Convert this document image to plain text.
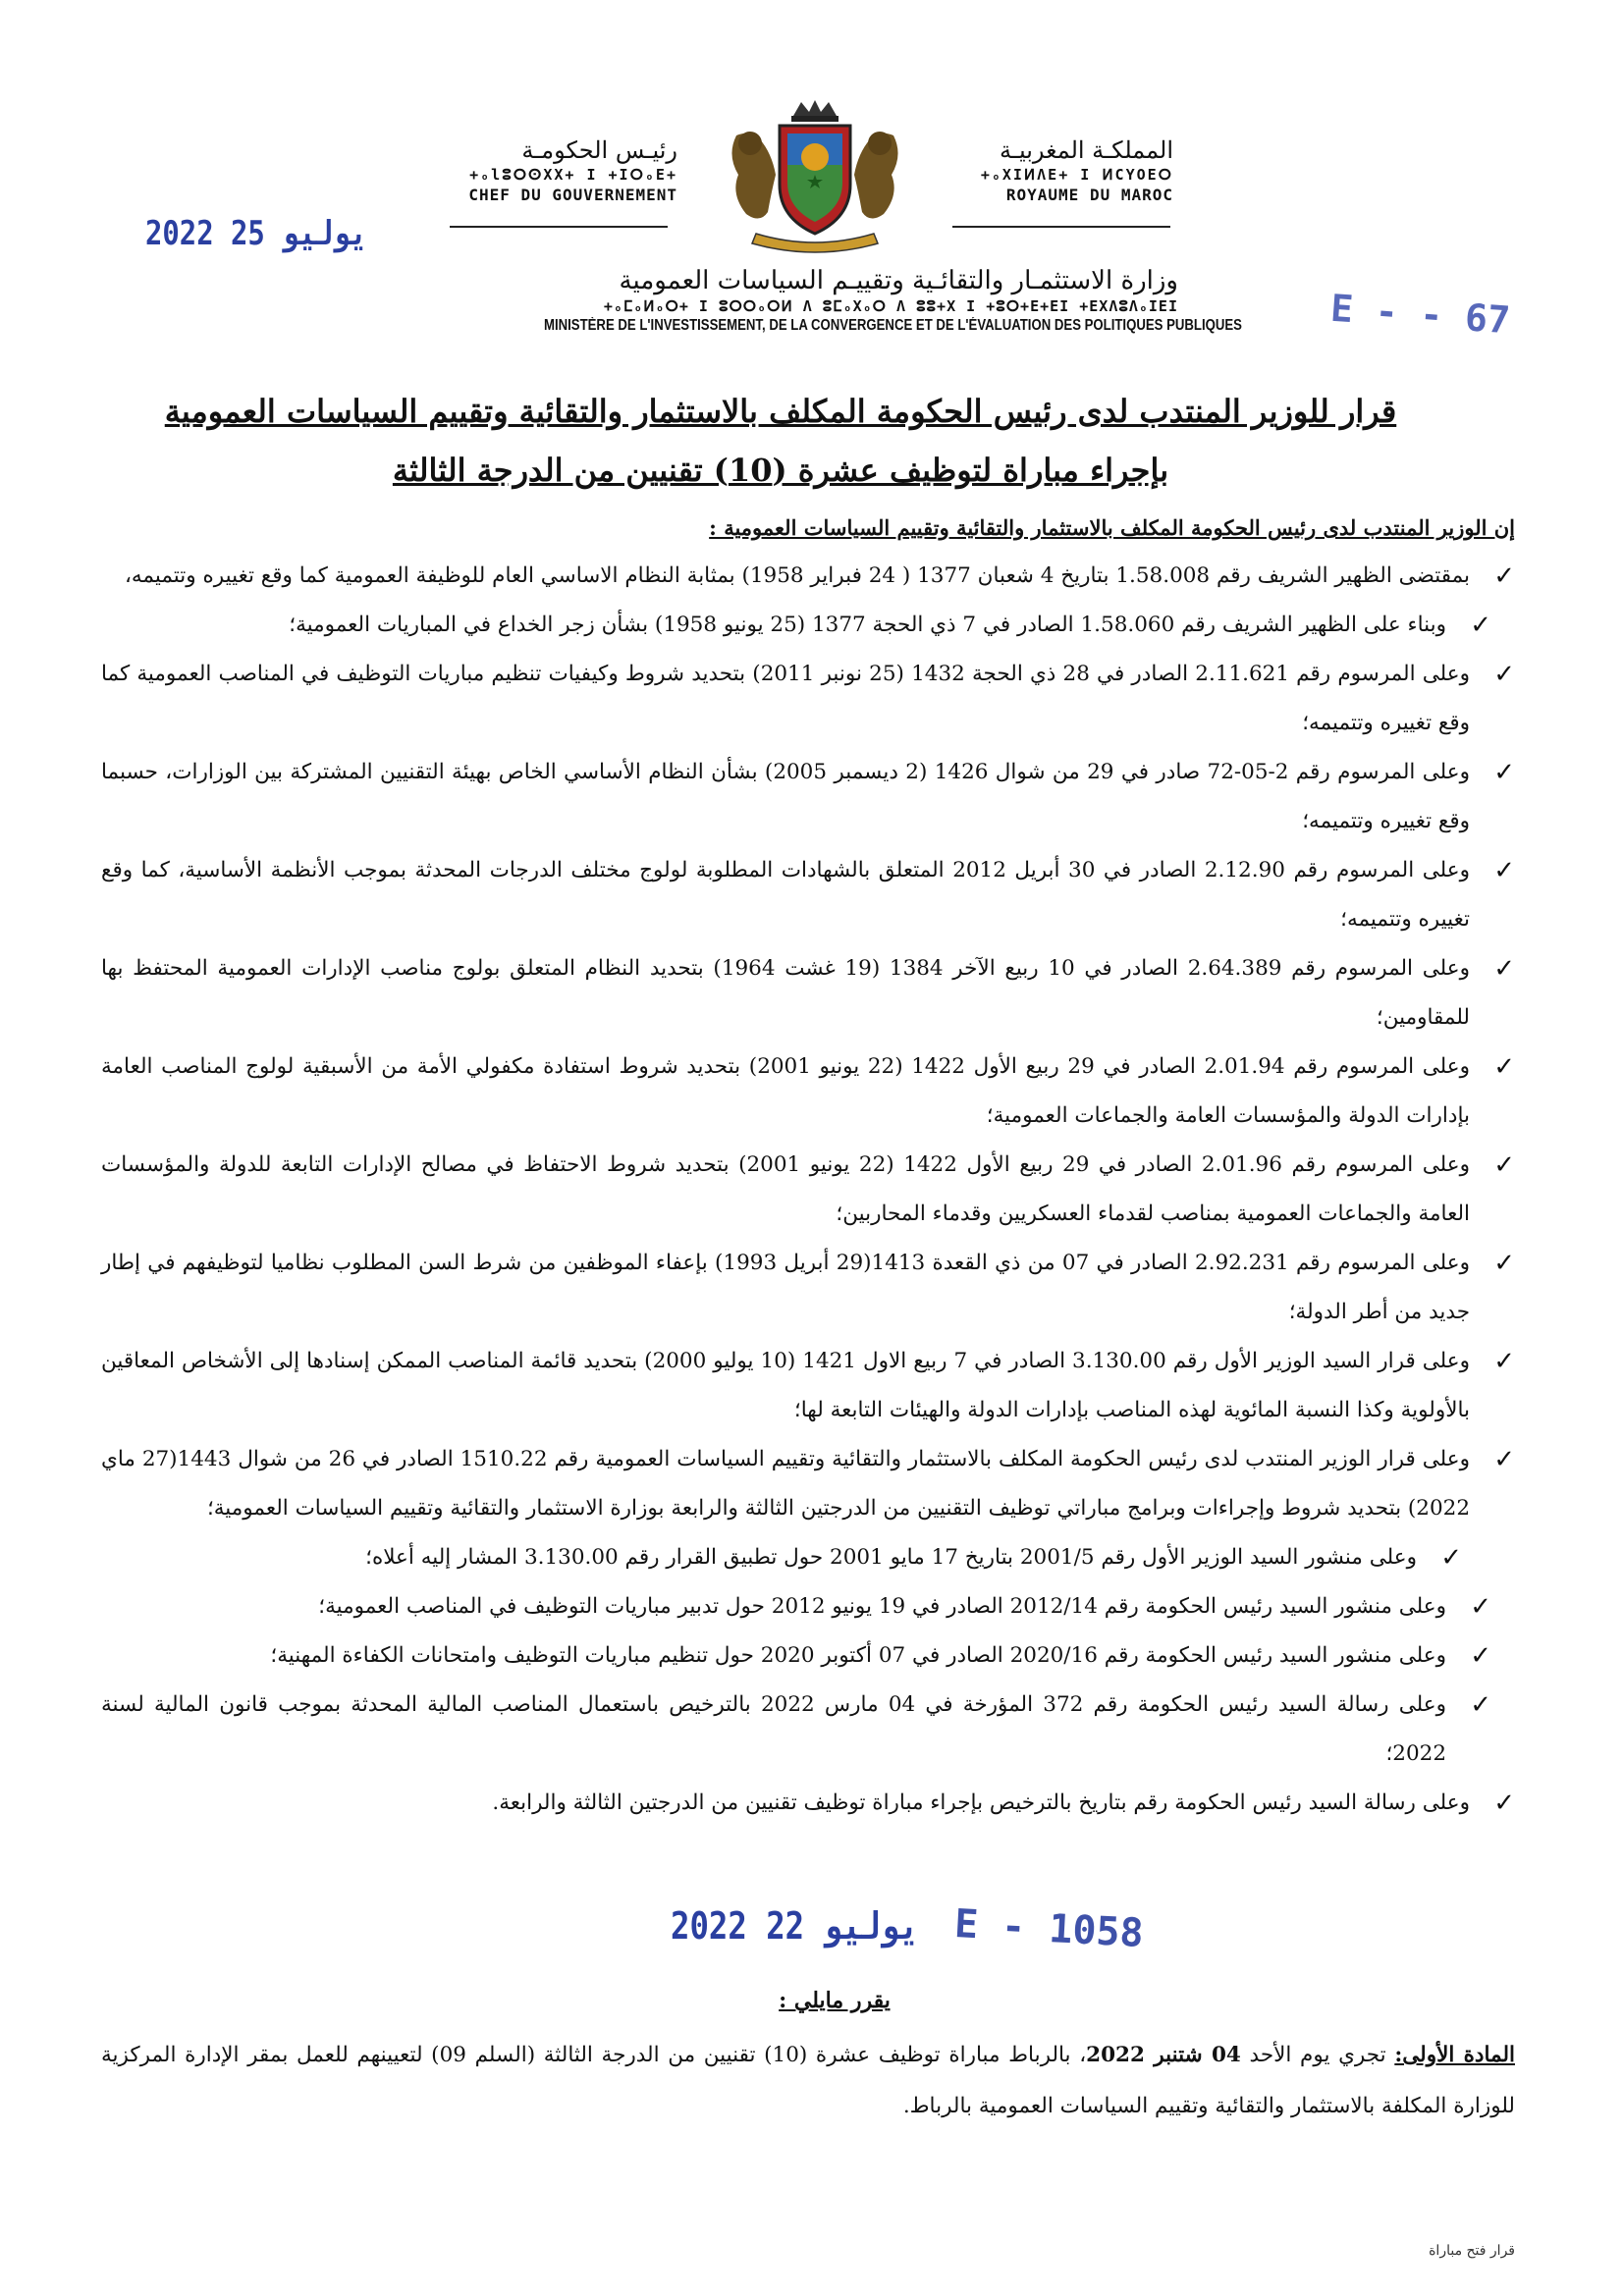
رئيـس الحكومـة
+ₒlⵓⵔⵙXX+ I +IⵔₒE+
CHEF DU GOUVERNEMENT
المملكـة المغربيـة
+ₒXIⵍΛE+ I ⵍCYOEⵔ
ROYAUME DU MAROC
وزارة الاستثمـار والتقائـية وتقييـم السياسات العمومية
+ₒⵎₒⵍₒⵔ+ I ⵓⵔⵔₒⵔⵍ Λ ⵓⵎₒXₒⵔ Λ ⵓⵓ+X I +ⵓⵔ+E+EI +EXΛⵓΛₒIEI
MINISTÈRE DE L'INVESTISSEMENT, DE LA CONVERGENCE ET DE L'ÉVALUATION DES POLITIQUES PUBLIQUES
2022 يوليو 25
E - - 67
قرار للوزير المنتدب لدى رئيس الحكومة المكلف بالاستثمار والتقائية وتقييم السياسات العمومية
بإجراء مباراة لتوظيف عشرة (10) تقنيين من الدرجة الثالثة
إن الوزير المنتدب لدى رئيس الحكومة المكلف بالاستثمار والتقائية وتقييم السياسات العمومية :
✓
بمقتضى الظهير الشريف رقم 1.58.008 بتاريخ 4 شعبان 1377 ( 24 فبراير 1958) بمثابة النظام الاساسي العام للوظيفة العمومية كما وقع تغييره وتتميمه،
✓
وبناء على الظهير الشريف رقم 1.58.060 الصادر في 7 ذي الحجة 1377 (25 يونيو 1958) بشأن زجر الخداع في المباريات العمومية؛
✓
وعلى المرسوم رقم 2.11.621 الصادر في 28 ذي الحجة 1432 (25 نونبر 2011) بتحديد شروط وكيفيات تنظيم مباريات التوظيف في المناصب العمومية كما وقع تغييره وتتميمه؛
✓
وعلى المرسوم رقم 2-05-72 صادر في 29 من شوال 1426 (2 ديسمبر 2005) بشأن النظام الأساسي الخاص بهيئة التقنيين المشتركة بين الوزارات، حسبما وقع تغييره وتتميمه؛
✓
وعلى المرسوم رقم 2.12.90 الصادر في 30 أبريل 2012 المتعلق بالشهادات المطلوبة لولوج مختلف الدرجات المحدثة بموجب الأنظمة الأساسية، كما وقع تغييره وتتميمه؛
✓
وعلى المرسوم رقم 2.64.389 الصادر في 10 ربيع الآخر 1384 (19 غشت 1964) بتحديد النظام المتعلق بولوج مناصب الإدارات العمومية المحتفظ بها للمقاومين؛
✓
وعلى المرسوم رقم 2.01.94 الصادر في 29 ربيع الأول 1422 (22 يونيو 2001) بتحديد شروط استفادة مكفولي الأمة من الأسبقية لولوج المناصب العامة بإدارات الدولة والمؤسسات العامة والجماعات العمومية؛
✓
وعلى المرسوم رقم 2.01.96 الصادر في 29 ربيع الأول 1422 (22 يونيو 2001) بتحديد شروط الاحتفاظ في مصالح الإدارات التابعة للدولة والمؤسسات العامة والجماعات العمومية بمناصب لقدماء العسكريين وقدماء المحاربين؛
✓
وعلى المرسوم رقم 2.92.231 الصادر في 07 من ذي القعدة 1413(29 أبريل 1993) بإعفاء الموظفين من شرط السن المطلوب نظاميا لتوظيفهم في إطار جديد من أطر الدولة؛
✓
وعلى قرار السيد الوزير الأول رقم 3.130.00 الصادر في 7 ربيع الاول 1421 (10 يوليو 2000) بتحديد قائمة المناصب الممكن إسنادها إلى الأشخاص المعاقين بالأولوية وكذا النسبة المائوية لهذه المناصب بإدارات الدولة والهيئات التابعة لها؛
✓
وعلى قرار الوزير المنتدب لدى رئيس الحكومة المكلف بالاستثمار والتقائية وتقييم السياسات العمومية رقم 1510.22 الصادر في 26 من شوال 1443(27 ماي 2022) بتحديد شروط وإجراءات وبرامج مباراتي توظيف التقنيين من الدرجتين الثالثة والرابعة بوزارة الاستثمار والتقائية وتقييم السياسات العمومية؛
✓
وعلى منشور السيد الوزير الأول رقم 2001/5 بتاريخ 17 مايو 2001 حول تطبيق القرار رقم 3.130.00 المشار إليه أعلاه؛
✓
وعلى منشور السيد رئيس الحكومة رقم 2012/14 الصادر في 19 يونيو 2012 حول تدبير مباريات التوظيف في المناصب العمومية؛
✓
وعلى منشور السيد رئيس الحكومة رقم 2020/16 الصادر في 07 أكتوبر 2020 حول تنظيم مباريات التوظيف وامتحانات الكفاءة المهنية؛
✓
وعلى رسالة السيد رئيس الحكومة رقم 372 المؤرخة في 04 مارس 2022 بالترخيص باستعمال المناصب المالية المحدثة بموجب قانون المالية لسنة 2022؛
✓
وعلى رسالة السيد رئيس الحكومة رقم بتاريخ بالترخيص بإجراء مباراة توظيف تقنيين من الدرجتين الثالثة والرابعة.
2022 يوليو 22 E - 1058
يقرر مايلي :
المادة الأولى: تجري يوم الأحد 04 شتنبر 2022، بالرباط مباراة توظيف عشرة (10) تقنيين من الدرجة الثالثة (السلم 09) لتعيينهم للعمل بمقر الإدارة المركزية للوزارة المكلفة بالاستثمار والتقائية وتقييم السياسات العمومية بالرباط.
قرار فتح مباراة
